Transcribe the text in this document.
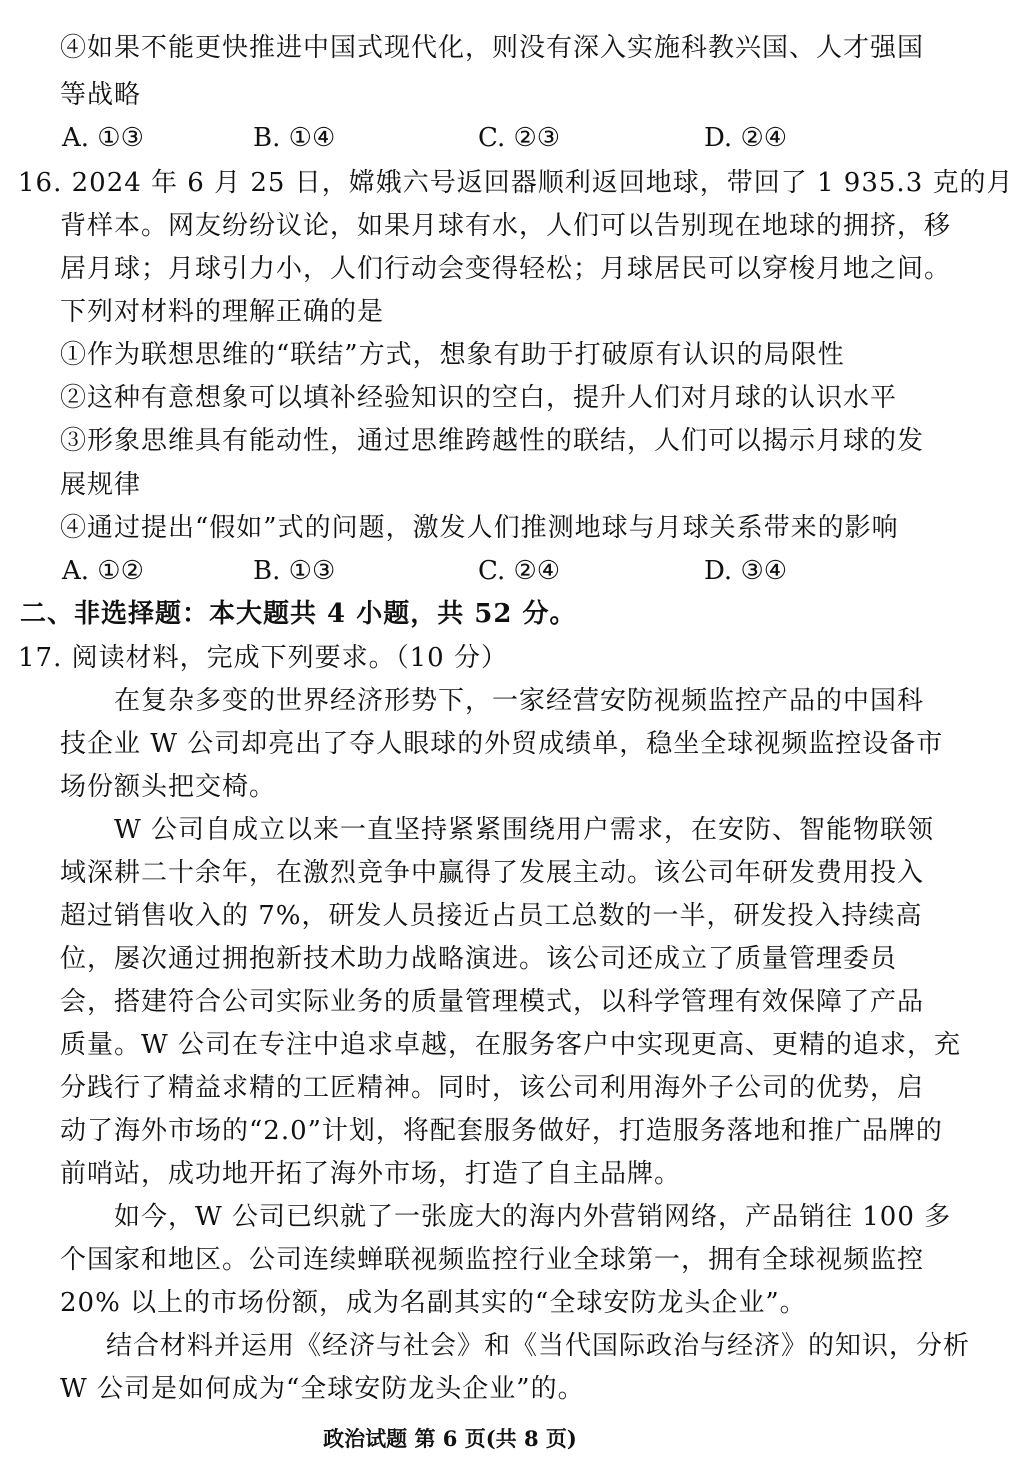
④如果不能更快推进中国式现代化，则没有深入实施科教兴国、人才强国
等战略
A. ①③	B. ①④	C. ②③	D. ②④
16. 2024 年 6 月 25 日，嫦娥六号返回器顺利返回地球，带回了 1 935.3 克的月
背样本。网友纷纷议论，如果月球有水，人们可以告别现在地球的拥挤，移
居月球；月球引力小，人们行动会变得轻松；月球居民可以穿梭月地之间。
下列对材料的理解正确的是
①作为联想思维的“联结”方式，想象有助于打破原有认识的局限性
②这种有意想象可以填补经验知识的空白，提升人们对月球的认识水平
③形象思维具有能动性，通过思维跨越性的联结，人们可以揭示月球的发
展规律
④通过提出“假如”式的问题，激发人们推测地球与月球关系带来的影响
A. ①②	B. ①③	C. ②④	D. ③④
二、非选择题：本大题共 4 小题，共 52 分。
17. 阅读材料，完成下列要求。（10 分）
在复杂多变的世界经济形势下，一家经营安防视频监控产品的中国科
技企业 W 公司却亮出了夺人眼球的外贸成绩单，稳坐全球视频监控设备市
场份额头把交椅。
W 公司自成立以来一直坚持紧紧围绕用户需求，在安防、智能物联领
域深耕二十余年，在激烈竞争中赢得了发展主动。该公司年研发费用投入
超过销售收入的 7%，研发人员接近占员工总数的一半，研发投入持续高
位，屡次通过拥抱新技术助力战略演进。该公司还成立了质量管理委员
会，搭建符合公司实际业务的质量管理模式，以科学管理有效保障了产品
质量。W 公司在专注中追求卓越，在服务客户中实现更高、更精的追求，充
分践行了精益求精的工匠精神。同时，该公司利用海外子公司的优势，启
动了海外市场的“2.0”计划，将配套服务做好，打造服务落地和推广品牌的
前哨站，成功地开拓了海外市场，打造了自主品牌。
如今，W 公司已织就了一张庞大的海内外营销网络，产品销往 100 多
个国家和地区。公司连续蝉联视频监控行业全球第一，拥有全球视频监控
20% 以上的市场份额，成为名副其实的“全球安防龙头企业”。
结合材料并运用《经济与社会》和《当代国际政治与经济》的知识，分析
W 公司是如何成为“全球安防龙头企业”的。
政治试题 第 6 页(共 8 页)
